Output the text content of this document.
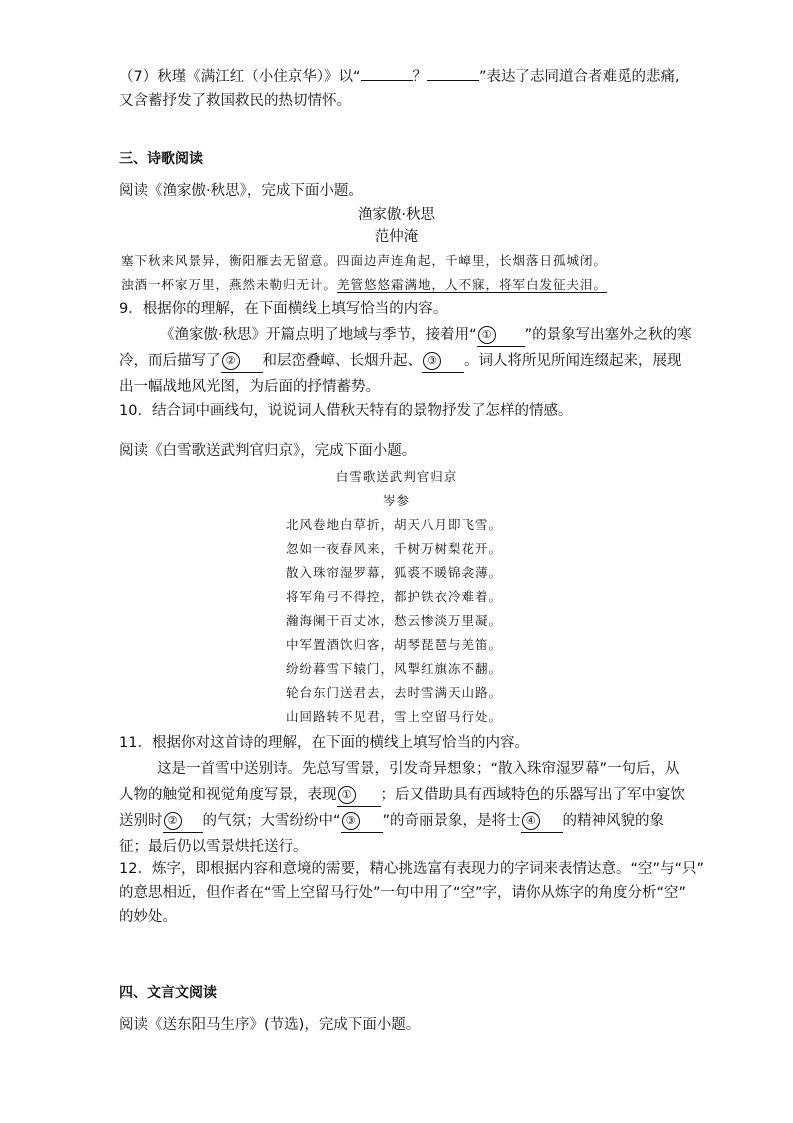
（7）秋瑾《满江红（小住京华）》以“	？	”表达了志同道合者难觅的悲痛,
又含蓄抒发了救国救民的热切情怀。
三、诗歌阅读
阅读《渔家傲·秋思》，完成下面小题。
渔家傲·秋思
范仲淹
塞下秋来风景异，衡阳雁去无留意。四面边声连角起，千嶂里，长烟落日孤城闭。
浊酒一杯家万里，燕然未勒归无计。羌管悠悠霜满地，人不寐，将军白发征夫泪。
9．根据你的理解，在下面横线上填写恰当的内容。
《渔家傲·秋思》开篇点明了地域与季节，接着用“ ① ”的景象写出塞外之秋的寒
冷，而后描写了 ② 和层峦叠嶂、长烟升起、 ③ 。词人将所见所闻连缀起来，展现
出一幅战地风光图，为后面的抒情蓄势。
10．结合词中画线句，说说词人借秋天特有的景物抒发了怎样的情感。
阅读《白雪歌送武判官归京》，完成下面小题。
白雪歌送武判官归京
岑参
北风卷地白草折，胡天八月即飞雪。
忽如一夜春风来，千树万树梨花开。
散入珠帘湿罗幕，狐裘不暖锦衾薄。
将军角弓不得控，都护铁衣冷难着。
瀚海阑干百丈冰，愁云惨淡万里凝。
中军置酒饮归客，胡琴琵琶与羌笛。
纷纷暮雪下辕门，风掣红旗冻不翻。
轮台东门送君去，去时雪满天山路。
山回路转不见君，雪上空留马行处。
11．根据你对这首诗的理解，在下面的横线上填写恰当的内容。
这是一首雪中送别诗。先总写雪景，引发奇异想象；“散入珠帘湿罗幕”一句后，从
人物的触觉和视觉角度写景，表现 ① ；后又借助具有西域特色的乐器写出了军中宴饮
送别时 ② 的气氛；大雪纷纷中“ ③ ”的奇丽景象，是将士 ④ 的精神风貌的象
征；最后仍以雪景烘托送行。
12．炼字，即根据内容和意境的需要，精心挑选富有表现力的字词来表情达意。“空”与“只”
的意思相近，但作者在“雪上空留马行处”一句中用了“空”字，请你从炼字的角度分析“空”
的妙处。
四、文言文阅读
阅读《送东阳马生序》(节选)，完成下面小题。
